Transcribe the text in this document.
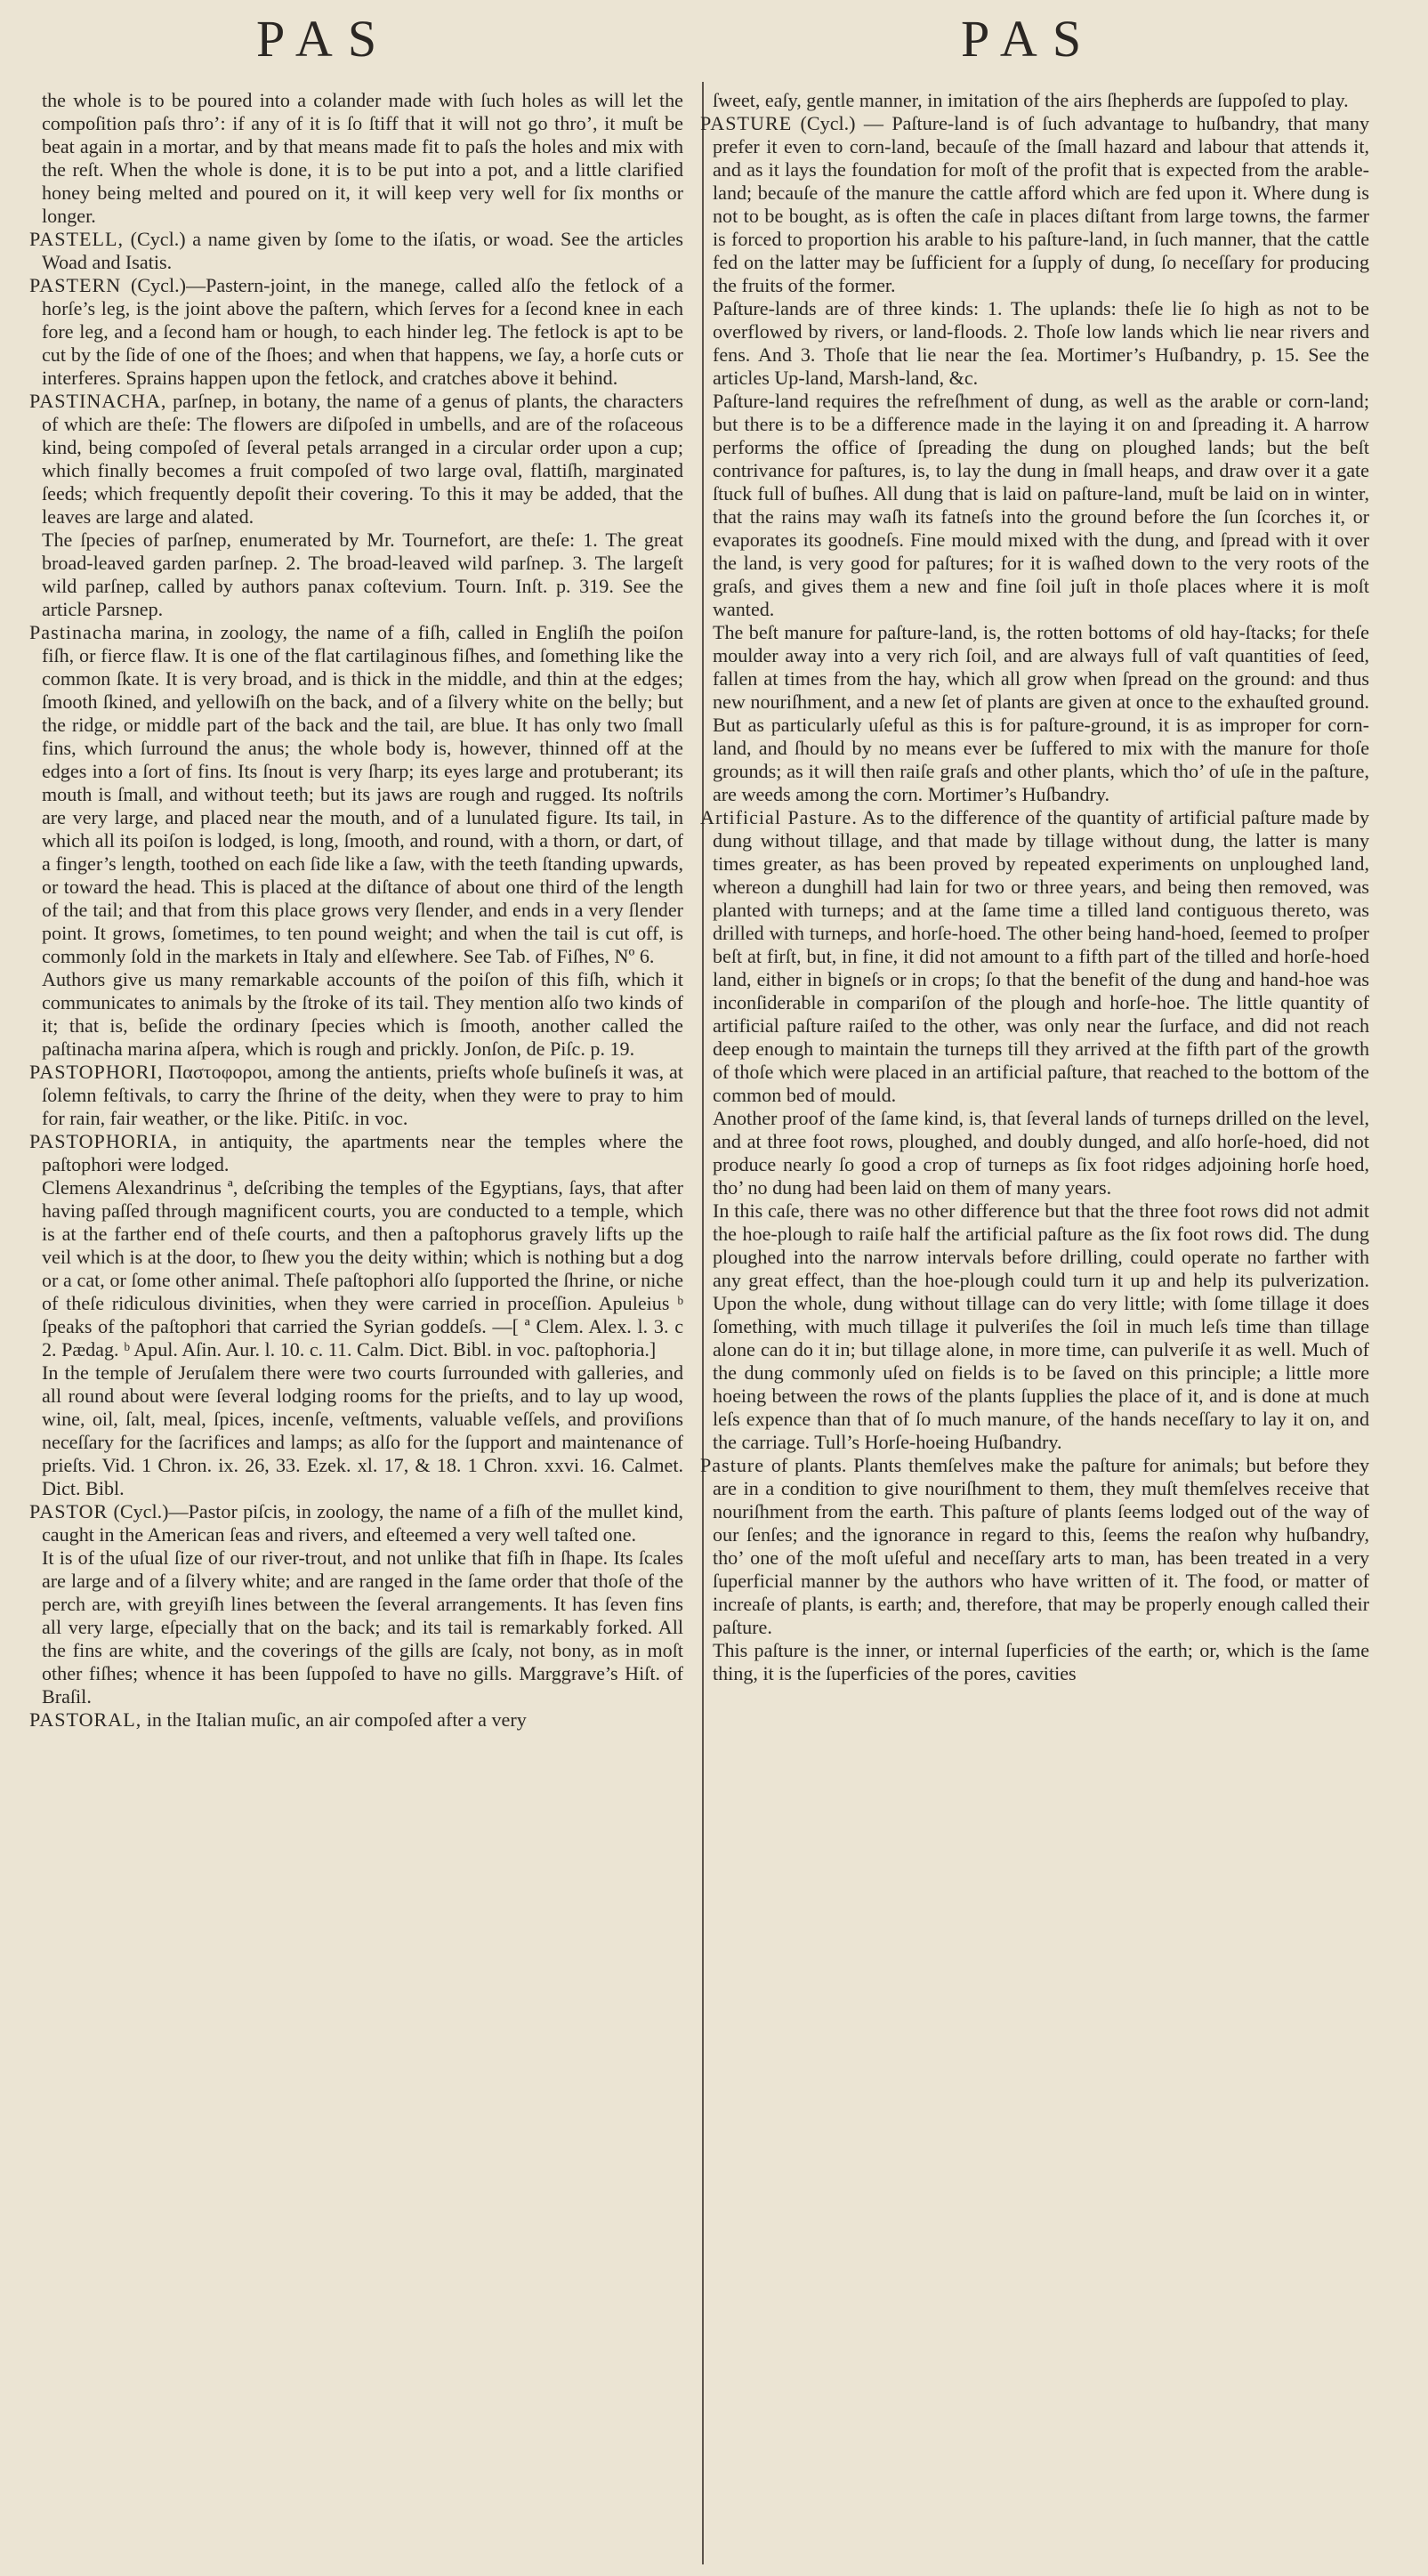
PAS	PAS

the whole is to be poured into a colander made with ſuch holes as will let the compoſition paſs thro’: if any of it is ſo ſtiff that it will not go thro’, it muſt be beat again in a mortar, and by that means made fit to paſs the holes and mix with the reſt. When the whole is done, it is to be put into a pot, and a little clarified honey being melted and poured on it, it will keep very well for ſix months or longer.

PASTELL, (Cycl.) a name given by ſome to the iſatis, or woad. See the articles Woad and Isatis.

PASTERN (Cycl.)—Pastern-joint, in the manege, called alſo the fetlock of a horſe’s leg, is the joint above the paſtern, which ſerves for a ſecond knee in each fore leg, and a ſecond ham or hough, to each hinder leg. The fetlock is apt to be cut by the ſide of one of the ſhoes; and when that happens, we ſay, a horſe cuts or interferes. Sprains happen upon the fetlock, and cratches above it behind.

PASTINACHA, parſnep, in botany, the name of a genus of plants, the characters of which are theſe: The flowers are diſpoſed in umbells, and are of the roſaceous kind, being compoſed of ſeveral petals arranged in a circular order upon a cup; which finally becomes a fruit compoſed of two large oval, flattiſh, marginated ſeeds; which frequently depoſit their covering. To this it may be added, that the leaves are large and alated.

The ſpecies of parſnep, enumerated by Mr. Tournefort, are theſe: 1. The great broad-leaved garden parſnep. 2. The broad-leaved wild parſnep. 3. The largeſt wild parſnep, called by authors panax coſtevium. Tourn. Inſt. p. 319. See the article Parsnep.

Pastinacha marina, in zoology, the name of a fiſh, called in Engliſh the poiſon fiſh, or fierce flaw. It is one of the flat cartilaginous fiſhes, and ſomething like the common ſkate. It is very broad, and is thick in the middle, and thin at the edges; ſmooth ſkined, and yellowiſh on the back, and of a ſilvery white on the belly; but the ridge, or middle part of the back and the tail, are blue. It has only two ſmall fins, which ſurround the anus; the whole body is, however, thinned off at the edges into a ſort of fins. Its ſnout is very ſharp; its eyes large and protuberant; its mouth is ſmall, and without teeth; but its jaws are rough and rugged. Its noſtrils are very large, and placed near the mouth, and of a lunulated figure. Its tail, in which all its poiſon is lodged, is long, ſmooth, and round, with a thorn, or dart, of a finger’s length, toothed on each ſide like a ſaw, with the teeth ſtanding upwards, or toward the head. This is placed at the diſtance of about one third of the length of the tail; and that from this place grows very ſlender, and ends in a very ſlender point. It grows, ſometimes, to ten pound weight; and when the tail is cut off, is commonly ſold in the markets in Italy and elſewhere. See Tab. of Fiſhes, Nº 6.

Authors give us many remarkable accounts of the poiſon of this fiſh, which it communicates to animals by the ſtroke of its tail. They mention alſo two kinds of it; that is, beſide the ordinary ſpecies which is ſmooth, another called the paſtinacha marina aſpera, which is rough and prickly. Jonſon, de Piſc. p. 19.

PASTOPHORI, Παστοφοροι, among the antients, prieſts whoſe buſineſs it was, at ſolemn feſtivals, to carry the ſhrine of the deity, when they were to pray to him for rain, fair weather, or the like. Pitiſc. in voc.

PASTOPHORIA, in antiquity, the apartments near the temples where the paſtophori were lodged.

Clemens Alexandrinus ª, deſcribing the temples of the Egyptians, ſays, that after having paſſed through magnificent courts, you are conducted to a temple, which is at the farther end of theſe courts, and then a paſtophorus gravely lifts up the veil which is at the door, to ſhew you the deity within; which is nothing but a dog or a cat, or ſome other animal. Theſe paſtophori alſo ſupported the ſhrine, or niche of theſe ridiculous divinities, when they were carried in proceſſion. Apuleius ᵇ ſpeaks of the paſtophori that carried the Syrian goddeſs. —[ ª Clem. Alex. l. 3. c 2. Pædag. ᵇ Apul. Aſin. Aur. l. 10. c. 11. Calm. Dict. Bibl. in voc. paſtophoria.]

In the temple of Jeruſalem there were two courts ſurrounded with galleries, and all round about were ſeveral lodging rooms for the prieſts, and to lay up wood, wine, oil, ſalt, meal, ſpices, incenſe, veſtments, valuable veſſels, and proviſions neceſſary for the ſacrifices and lamps; as alſo for the ſupport and maintenance of prieſts. Vid. 1 Chron. ix. 26, 33. Ezek. xl. 17, & 18. 1 Chron. xxvi. 16. Calmet. Dict. Bibl.

PASTOR (Cycl.)—Pastor piſcis, in zoology, the name of a fiſh of the mullet kind, caught in the American ſeas and rivers, and eſteemed a very well taſted one.

It is of the uſual ſize of our river-trout, and not unlike that fiſh in ſhape. Its ſcales are large and of a ſilvery white; and are ranged in the ſame order that thoſe of the perch are, with greyiſh lines between the ſeveral arrangements. It has ſeven fins all very large, eſpecially that on the back; and its tail is remarkably forked. All the fins are white, and the coverings of the gills are ſcaly, not bony, as in moſt other fiſhes; whence it has been ſuppoſed to have no gills. Marggrave’s Hiſt. of Braſil.

PASTORAL, in the Italian muſic, an air compoſed after a very

ſweet, eaſy, gentle manner, in imitation of the airs ſhepherds are ſuppoſed to play.

PASTURE (Cycl.) — Paſture-land is of ſuch advantage to huſbandry, that many prefer it even to corn-land, becauſe of the ſmall hazard and labour that attends it, and as it lays the foundation for moſt of the profit that is expected from the arable-land; becauſe of the manure the cattle afford which are fed upon it. Where dung is not to be bought, as is often the caſe in places diſtant from large towns, the farmer is forced to proportion his arable to his paſture-land, in ſuch manner, that the cattle fed on the latter may be ſufficient for a ſupply of dung, ſo neceſſary for producing the fruits of the former.

Paſture-lands are of three kinds: 1. The uplands: theſe lie ſo high as not to be overflowed by rivers, or land-floods. 2. Thoſe low lands which lie near rivers and fens. And 3. Thoſe that lie near the ſea. Mortimer’s Huſbandry, p. 15. See the articles Up-land, Marsh-land, &c.

Paſture-land requires the refreſhment of dung, as well as the arable or corn-land; but there is to be a difference made in the laying it on and ſpreading it. A harrow performs the office of ſpreading the dung on ploughed lands; but the beſt contrivance for paſtures, is, to lay the dung in ſmall heaps, and draw over it a gate ſtuck full of buſhes. All dung that is laid on paſture-land, muſt be laid on in winter, that the rains may waſh its fatneſs into the ground before the ſun ſcorches it, or evaporates its goodneſs. Fine mould mixed with the dung, and ſpread with it over the land, is very good for paſtures; for it is waſhed down to the very roots of the graſs, and gives them a new and fine ſoil juſt in thoſe places where it is moſt wanted.

The beſt manure for paſture-land, is, the rotten bottoms of old hay-ſtacks; for theſe moulder away into a very rich ſoil, and are always full of vaſt quantities of ſeed, fallen at times from the hay, which all grow when ſpread on the ground: and thus new nouriſhment, and a new ſet of plants are given at once to the exhauſted ground. But as particularly uſeful as this is for paſture-ground, it is as improper for corn-land, and ſhould by no means ever be ſuffered to mix with the manure for thoſe grounds; as it will then raiſe graſs and other plants, which tho’ of uſe in the paſture, are weeds among the corn. Mortimer’s Huſbandry.

Artificial Pasture. As to the difference of the quantity of artificial paſture made by dung without tillage, and that made by tillage without dung, the latter is many times greater, as has been proved by repeated experiments on unploughed land, whereon a dunghill had lain for two or three years, and being then removed, was planted with turneps; and at the ſame time a tilled land contiguous thereto, was drilled with turneps, and horſe-hoed. The other being hand-hoed, ſeemed to proſper beſt at firſt, but, in fine, it did not amount to a fifth part of the tilled and horſe-hoed land, either in bigneſs or in crops; ſo that the benefit of the dung and hand-hoe was inconſiderable in compariſon of the plough and horſe-hoe. The little quantity of artificial paſture raiſed to the other, was only near the ſurface, and did not reach deep enough to maintain the turneps till they arrived at the fifth part of the growth of thoſe which were placed in an artificial paſture, that reached to the bottom of the common bed of mould.

Another proof of the ſame kind, is, that ſeveral lands of turneps drilled on the level, and at three foot rows, ploughed, and doubly dunged, and alſo horſe-hoed, did not produce nearly ſo good a crop of turneps as ſix foot ridges adjoining horſe hoed, tho’ no dung had been laid on them of many years.

In this caſe, there was no other difference but that the three foot rows did not admit the hoe-plough to raiſe half the artificial paſture as the ſix foot rows did. The dung ploughed into the narrow intervals before drilling, could operate no farther with any great effect, than the hoe-plough could turn it up and help its pulverization. Upon the whole, dung without tillage can do very little; with ſome tillage it does ſomething, with much tillage it pulveriſes the ſoil in much leſs time than tillage alone can do it in; but tillage alone, in more time, can pulveriſe it as well. Much of the dung commonly uſed on fields is to be ſaved on this principle; a little more hoeing between the rows of the plants ſupplies the place of it, and is done at much leſs expence than that of ſo much manure, of the hands neceſſary to lay it on, and the carriage. Tull’s Horſe-hoeing Huſbandry.

Pasture of plants. Plants themſelves make the paſture for animals; but before they are in a condition to give nouriſhment to them, they muſt themſelves receive that nouriſhment from the earth. This paſture of plants ſeems lodged out of the way of our ſenſes; and the ignorance in regard to this, ſeems the reaſon why huſbandry, tho’ one of the moſt uſeful and neceſſary arts to man, has been treated in a very ſuperficial manner by the authors who have written of it. The food, or matter of increaſe of plants, is earth; and, therefore, that may be properly enough called their paſture.

This paſture is the inner, or internal ſuperficies of the earth; or, which is the ſame thing, it is the ſuperficies of the pores, cavities
